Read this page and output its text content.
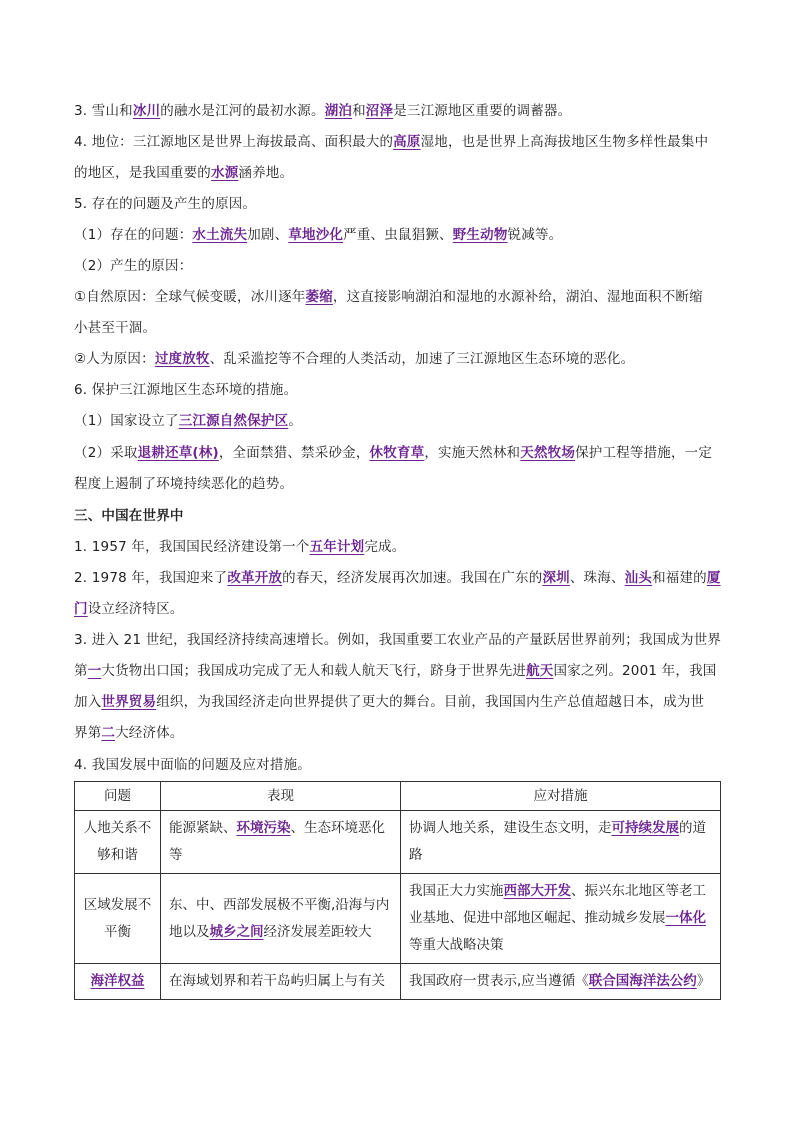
3. 雪山和冰川的融水是江河的最初水源。湖泊和沼泽是三江源地区重要的调蓄器。
4. 地位：三江源地区是世界上海拔最高、面积最大的高原湿地，也是世界上高海拔地区生物多样性最集中
的地区，是我国重要的水源涵养地。
5. 存在的问题及产生的原因。
（1）存在的问题：水土流失加剧、草地沙化严重、虫鼠猖獗、野生动物锐减等。
（2）产生的原因：
①自然原因：全球气候变暖，冰川逐年萎缩，这直接影响湖泊和湿地的水源补给，湖泊、湿地面积不断缩
小甚至干涸。
②人为原因：过度放牧、乱采滥挖等不合理的人类活动，加速了三江源地区生态环境的恶化。
6. 保护三江源地区生态环境的措施。
（1）国家设立了三江源自然保护区。
（2）采取退耕还草(林)，全面禁猎、禁采砂金，休牧育草，实施天然林和天然牧场保护工程等措施，一定
程度上遏制了环境持续恶化的趋势。
三、中国在世界中
1. 1957 年，我国国民经济建设第一个五年计划完成。
2. 1978 年，我国迎来了改革开放的春天，经济发展再次加速。我国在广东的深圳、珠海、汕头和福建的厦
门设立经济特区。
3. 进入 21 世纪，我国经济持续高速增长。例如，我国重要工农业产品的产量跃居世界前列；我国成为世界
第一大货物出口国；我国成功完成了无人和载人航天飞行，跻身于世界先进航天国家之列。2001 年，我国
加入世界贸易组织，为我国经济走向世界提供了更大的舞台。目前，我国国内生产总值超越日本，成为世
界第二大经济体。
4. 我国发展中面临的问题及应对措施。
问题	表现	应对措施
人地关系不够和谐	能源紧缺、环境污染、生态环境恶化等	协调人地关系，建设生态文明，走可持续发展的道路
区域发展不平衡	东、中、西部发展极不平衡,沿海与内地以及城乡之间经济发展差距较大	我国正大力实施西部大开发、振兴东北地区等老工业基地、促进中部地区崛起、推动城乡发展一体化等重大战略决策
海洋权益	在海域划界和若干岛屿归属上与有关	我国政府一贯表示,应当遵循《联合国海洋法公约》
